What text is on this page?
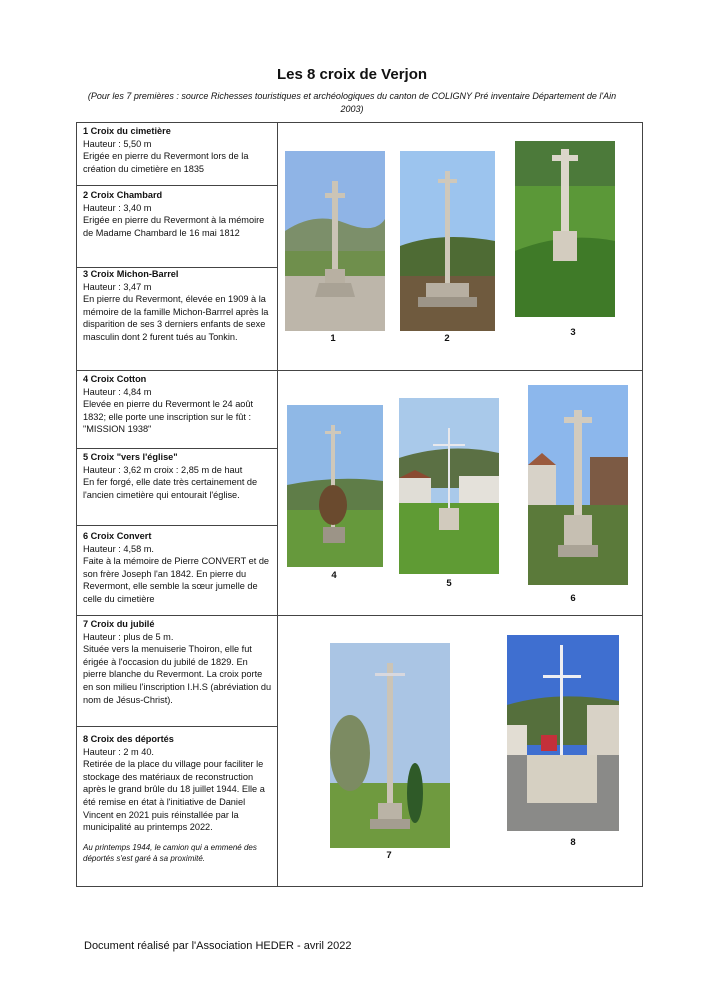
Les 8 croix de Verjon
(Pour les 7 premières : source Richesses touristiques et archéologiques du canton de COLIGNY Pré inventaire Département de l'Ain 2003)
1 Croix du cimetière
Hauteur : 5,50 m
Erigée en pierre du Revermont lors de la création du cimetière en 1835
2 Croix Chambard
Hauteur : 3,40 m
Erigée en pierre du Revermont à la mémoire de Madame Chambard le 16 mai 1812
3 Croix Michon-Barrel
Hauteur : 3,47 m
En pierre du Revermont, élevée en 1909 à la mémoire de la famille Michon-Barrrel après la disparition de ses 3 derniers enfants de sexe masculin dont 2 furent tués au Tonkin.
4 Croix Cotton
Hauteur : 4,84 m
Elevée en pierre du Revermont le 24 août 1832; elle porte une inscription sur le fût : "MISSION 1938"
5 Croix "vers l'église"
Hauteur : 3,62 m croix : 2,85 m de haut
En fer forgé, elle date très certainement de l'ancien cimetière qui entourait l'église.
6 Croix Convert
Hauteur : 4,58 m.
Faite à la mémoire de Pierre CONVERT et de son frère Joseph l'an 1842. En pierre du Revermont, elle semble la sœur jumelle de celle du cimetière
7 Croix du jubilé
Hauteur : plus de 5 m.
Située vers la menuiserie Thoiron, elle fut érigée à l'occasion du jubilé de 1829. En pierre blanche du Revermont. La croix porte en son milieu l'inscription I.H.S (abréviation du nom de Jésus-Christ).
8 Croix des déportés
Hauteur : 2 m 40.
Retirée de la place du village pour faciliter le stockage des matériaux de reconstruction après le grand brûle du 18 juillet 1944. Elle a été remise en état à l'initiative de Daniel Vincent en 2021 puis réinstallée par la municipalité au printemps 2022.
Au printemps 1944, le camion qui a emmené des déportés s'est garé à sa proximité.
1	2
3
4
5
6
7
8
Document réalisé par l'Association HEDER - avril 2022
